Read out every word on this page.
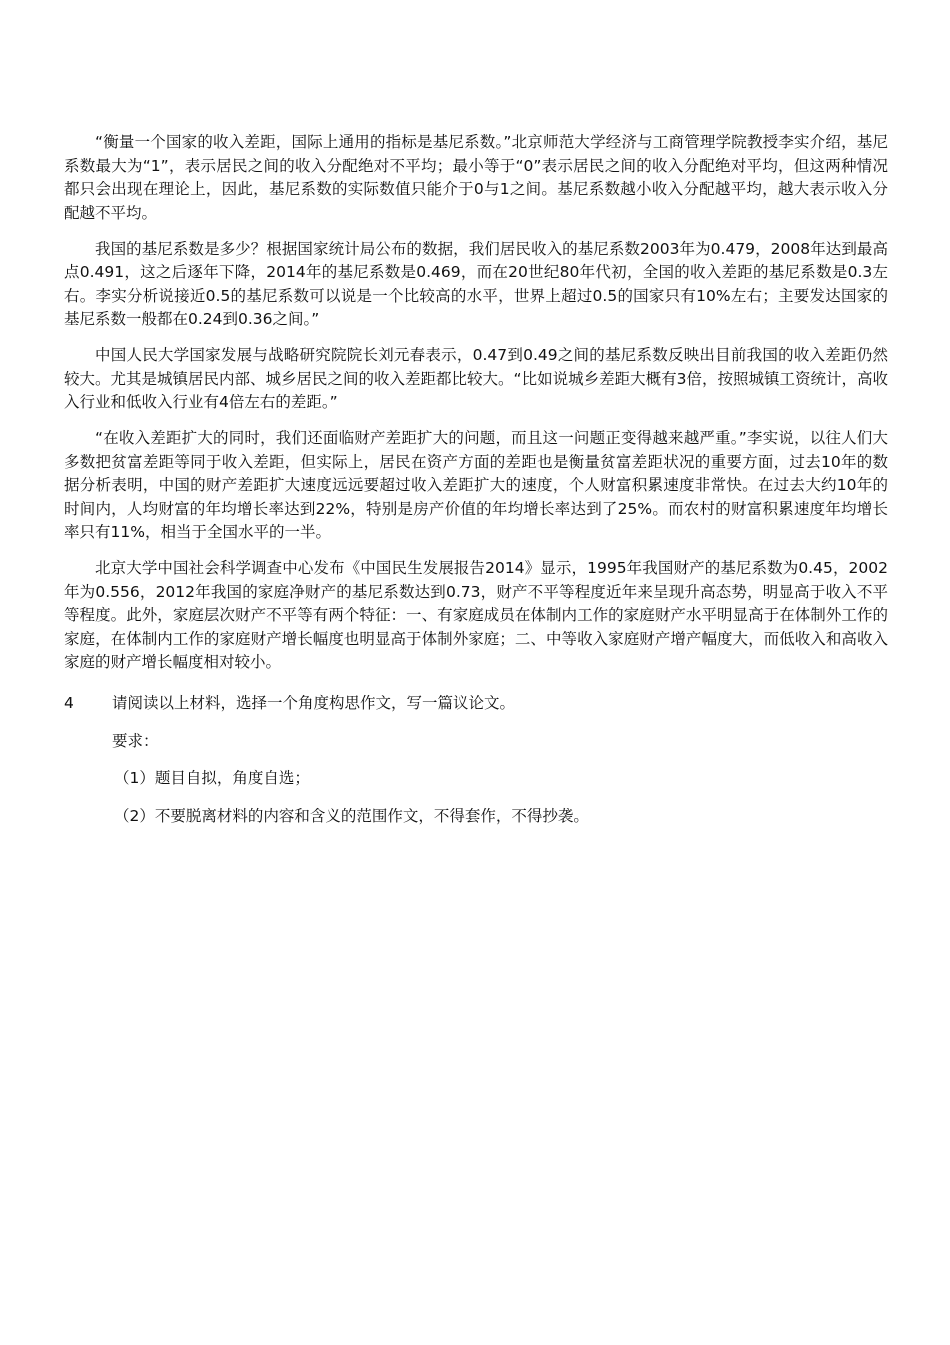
“衡量一个国家的收入差距，国际上通用的指标是基尼系数。”北京师范大学经济与工商管理学院教授李实介绍，基尼系数最大为“1”，表示居民之间的收入分配绝对不平均；最小等于“0”表示居民之间的收入分配绝对平均，但这两种情况都只会出现在理论上，因此，基尼系数的实际数值只能介于0与1之间。基尼系数越小收入分配越平均，越大表示收入分配越不平均。

我国的基尼系数是多少？根据国家统计局公布的数据，我们居民收入的基尼系数2003年为0.479，2008年达到最高点0.491，这之后逐年下降，2014年的基尼系数是0.469，而在20世纪80年代初，全国的收入差距的基尼系数是0.3左右。李实分析说接近0.5的基尼系数可以说是一个比较高的水平，世界上超过0.5的国家只有10%左右；主要发达国家的基尼系数一般都在0.24到0.36之间。”

中国人民大学国家发展与战略研究院院长刘元春表示，0.47到0.49之间的基尼系数反映出目前我国的收入差距仍然较大。尤其是城镇居民内部、城乡居民之间的收入差距都比较大。“比如说城乡差距大概有3倍，按照城镇工资统计，高收入行业和低收入行业有4倍左右的差距。”

“在收入差距扩大的同时，我们还面临财产差距扩大的问题，而且这一问题正变得越来越严重。”李实说，以往人们大多数把贫富差距等同于收入差距，但实际上，居民在资产方面的差距也是衡量贫富差距状况的重要方面，过去10年的数据分析表明，中国的财产差距扩大速度远远要超过收入差距扩大的速度，个人财富积累速度非常快。在过去大约10年的时间内，人均财富的年均增长率达到22%，特别是房产价值的年均增长率达到了25%。而农村的财富积累速度年均增长率只有11%，相当于全国水平的一半。

北京大学中国社会科学调查中心发布《中国民生发展报告2014》显示，1995年我国财产的基尼系数为0.45，2002年为0.556，2012年我国的家庭净财产的基尼系数达到0.73，财产不平等程度近年来呈现升高态势，明显高于收入不平等程度。此外，家庭层次财产不平等有两个特征：一、有家庭成员在体制内工作的家庭财产水平明显高于在体制外工作的家庭，在体制内工作的家庭财产增长幅度也明显高于体制外家庭；二、中等收入家庭财产增产幅度大，而低收入和高收入家庭的财产增长幅度相对较小。

4 请阅读以上材料，选择一个角度构思作文，写一篇议论文。
要求：
（1）题目自拟，角度自选；
（2）不要脱离材料的内容和含义的范围作文，不得套作，不得抄袭。
